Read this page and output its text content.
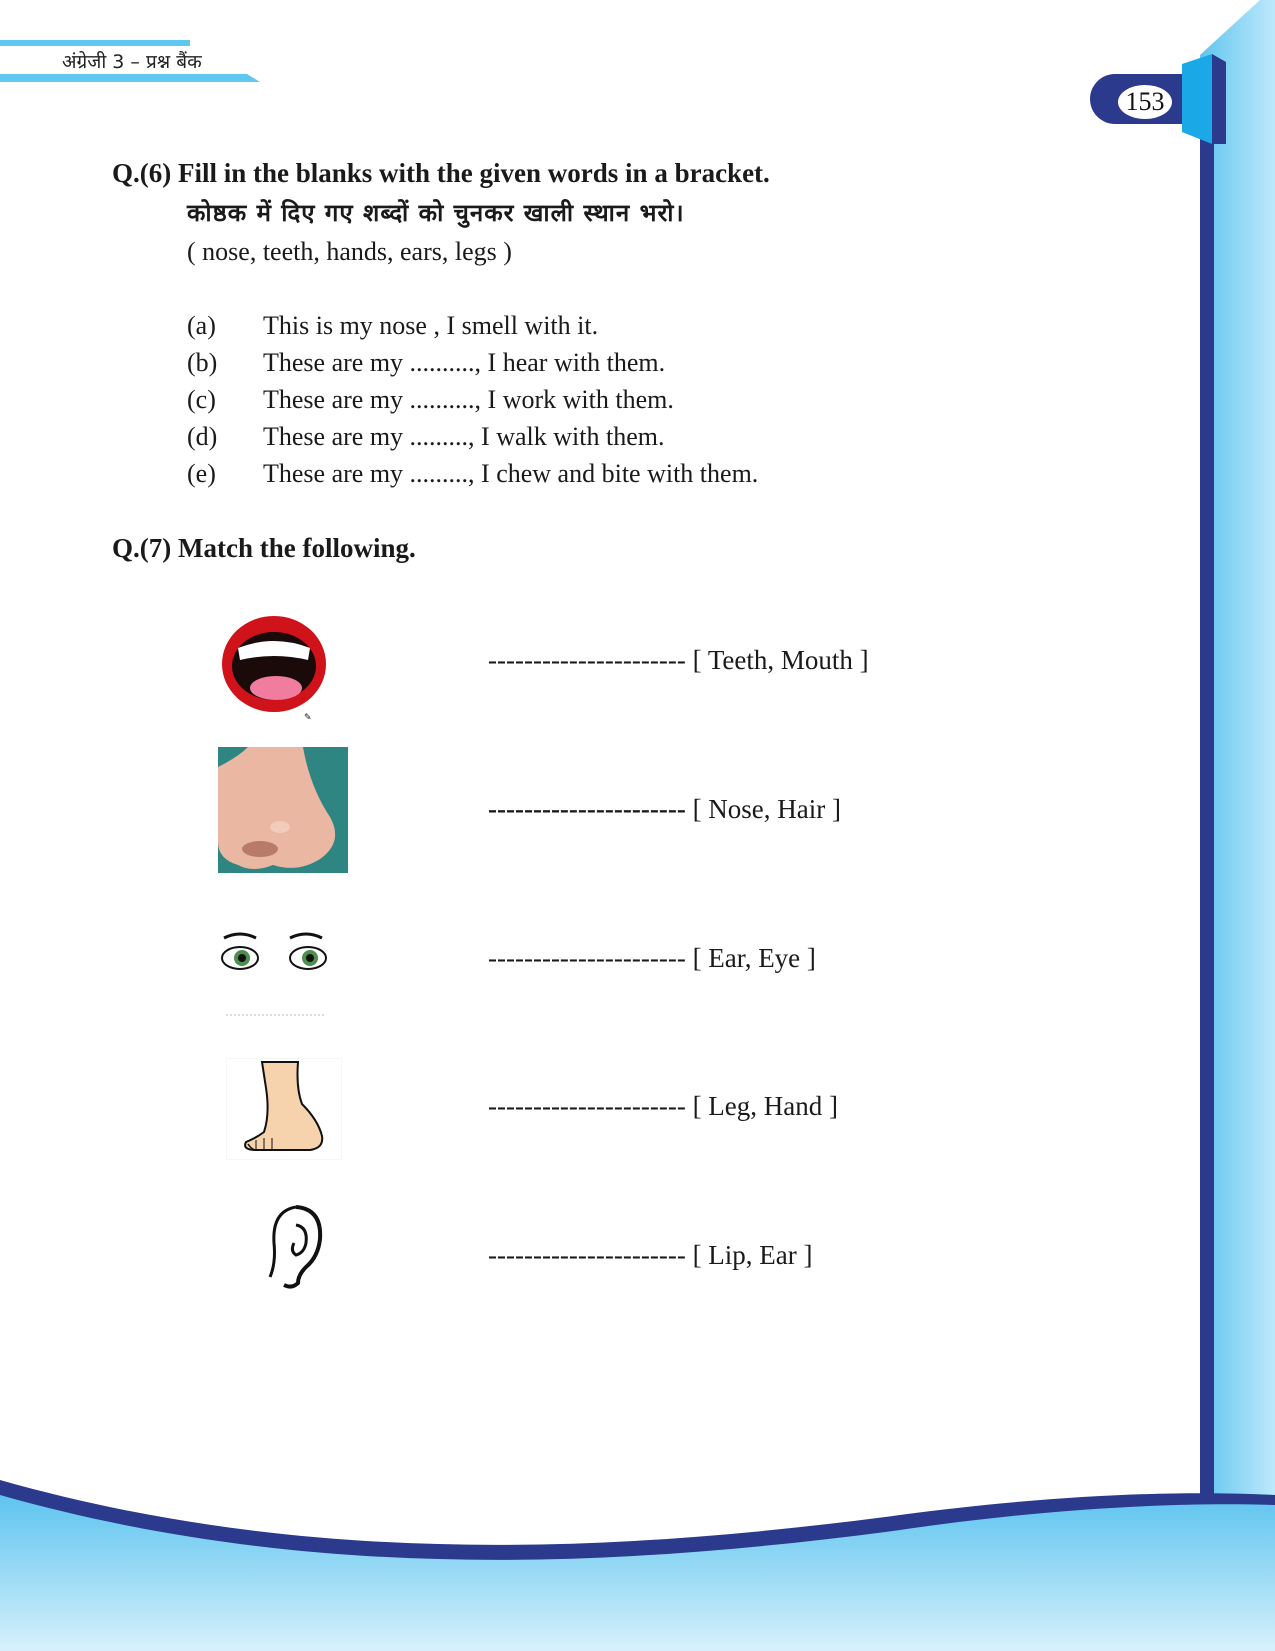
अंग्रेजी 3 – प्रश्न बैंक
153
Q.(6) Fill in the blanks with the given words in a bracket.
कोष्ठक में दिए गए शब्दों को चुनकर खाली स्थान भरो।
( nose, teeth, hands, ears, legs )
(a) This is my nose , I smell with it.
(b) These are my .........., I hear with them.
(c) These are my .........., I work with them.
(d) These are my ........., I walk with them.
(e) These are my ........., I chew and bite with them.
Q.(7) Match the following.
✎
---------------------- [ Teeth, Mouth ]
---------------------- [ Nose, Hair ]
---------------------- [ Ear, Eye ]
---------------------- [ Leg, Hand ]
---------------------- [ Lip, Ear ]
